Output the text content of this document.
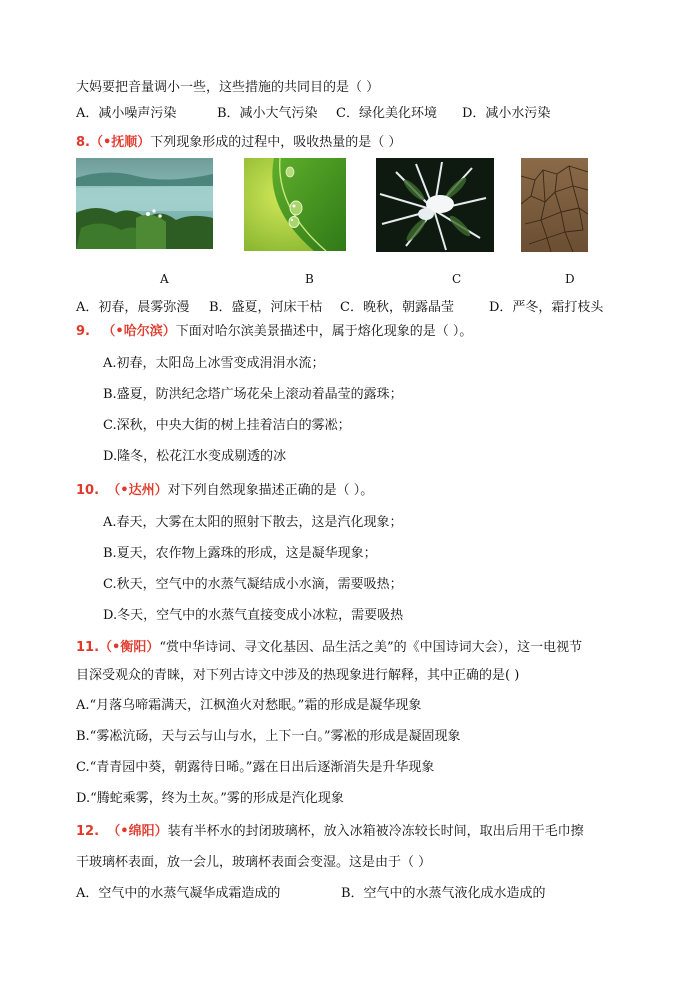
大妈要把音量调小一些，这些措施的共同目的是（ ）
A．减小噪声污染	B．减小大气污染 C．绿化美化环境 D．减小水污染
8.（•抚顺）下列现象形成的过程中，吸收热量的是（ ）
A	B	C	D
A．初春，晨雾弥漫 B．盛夏，河床干枯 C．晚秋，朝露晶莹	D．严冬，霜打枝头
9. （•哈尔滨）下面对哈尔滨美景描述中，属于熔化现象的是（ ）。
A.初春，太阳岛上冰雪变成涓涓水流；
B.盛夏，防洪纪念塔广场花朵上滚动着晶莹的露珠；
C.深秋，中央大街的树上挂着洁白的雾凇；
D.隆冬，松花江水变成剔透的冰
10. （•达州）对下列自然现象描述正确的是（ ）。
A.春天，大雾在太阳的照射下散去，这是汽化现象；
B.夏天，农作物上露珠的形成，这是凝华现象；
C.秋天，空气中的水蒸气凝结成小水滴，需要吸热；
D.冬天，空气中的水蒸气直接变成小冰粒，需要吸热
11.（•衡阳）“赏中华诗词、寻文化基因、品生活之美”的《中国诗词大会），这一电视节
目深受观众的青睐，对下列古诗文中涉及的热现象进行解释，其中正确的是( )
A.“月落乌啼霜满天，江枫渔火对愁眠。”霜的形成是凝华现象
B.“雾凇沆砀，天与云与山与水，上下一白。”雾凇的形成是凝固现象
C.“青青园中葵，朝露待日晞。”露在日出后逐渐消失是升华现象
D.“腾蛇乘雾，终为土灰。”雾的形成是汽化现象
12. （•绵阳）装有半杯水的封闭玻璃杯，放入冰箱被冷冻较长时间，取出后用干毛巾擦
干玻璃杯表面，放一会儿，玻璃杯表面会变湿。这是由于（ ）
A．空气中的水蒸气凝华成霜造成的	B．空气中的水蒸气液化成水造成的
